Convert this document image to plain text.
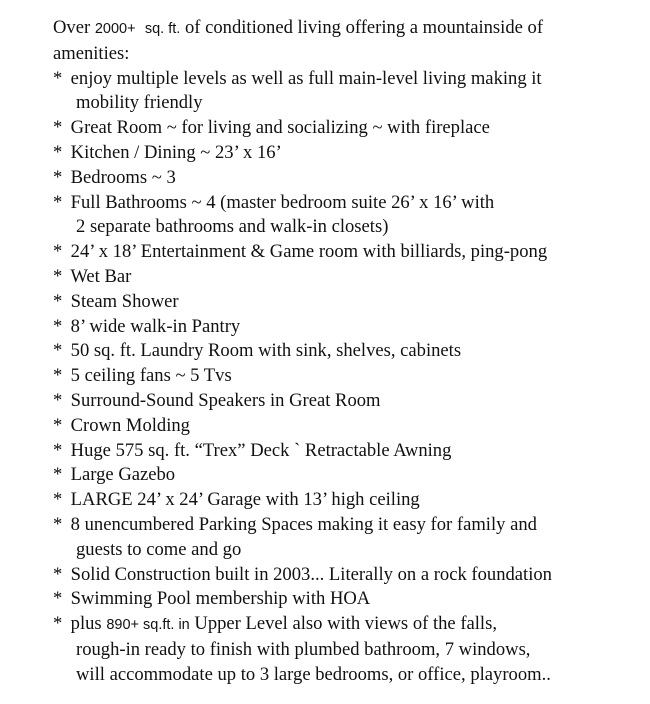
Over 2000+ sq. ft. of conditioned living offering a mountainside of
amenities:
* enjoy multiple levels as well as full main-level living making it
mobility friendly
* Great Room ~ for living and socializing ~ with fireplace
* Kitchen / Dining ~ 23’ x 16’
* Bedrooms ~ 3
* Full Bathrooms ~ 4 (master bedroom suite 26’ x 16’ with
2 separate bathrooms and walk-in closets)
* 24’ x 18’ Entertainment & Game room with billiards, ping-pong
* Wet Bar
* Steam Shower
* 8’ wide walk-in Pantry
* 50 sq. ft. Laundry Room with sink, shelves, cabinets
* 5 ceiling fans ~ 5 Tvs
* Surround-Sound Speakers in Great Room
* Crown Molding
* Huge 575 sq. ft. “Trex” Deck ` Retractable Awning
* Large Gazebo
* LARGE 24’ x 24’ Garage with 13’ high ceiling
* 8 unencumbered Parking Spaces making it easy for family and
guests to come and go
* Solid Construction built in 2003... Literally on a rock foundation
* Swimming Pool membership with HOA
* plus 890+ sq.ft. in Upper Level also with views of the falls,
rough-in ready to finish with plumbed bathroom, 7 windows,
will accommodate up to 3 large bedrooms, or office, playroom..
